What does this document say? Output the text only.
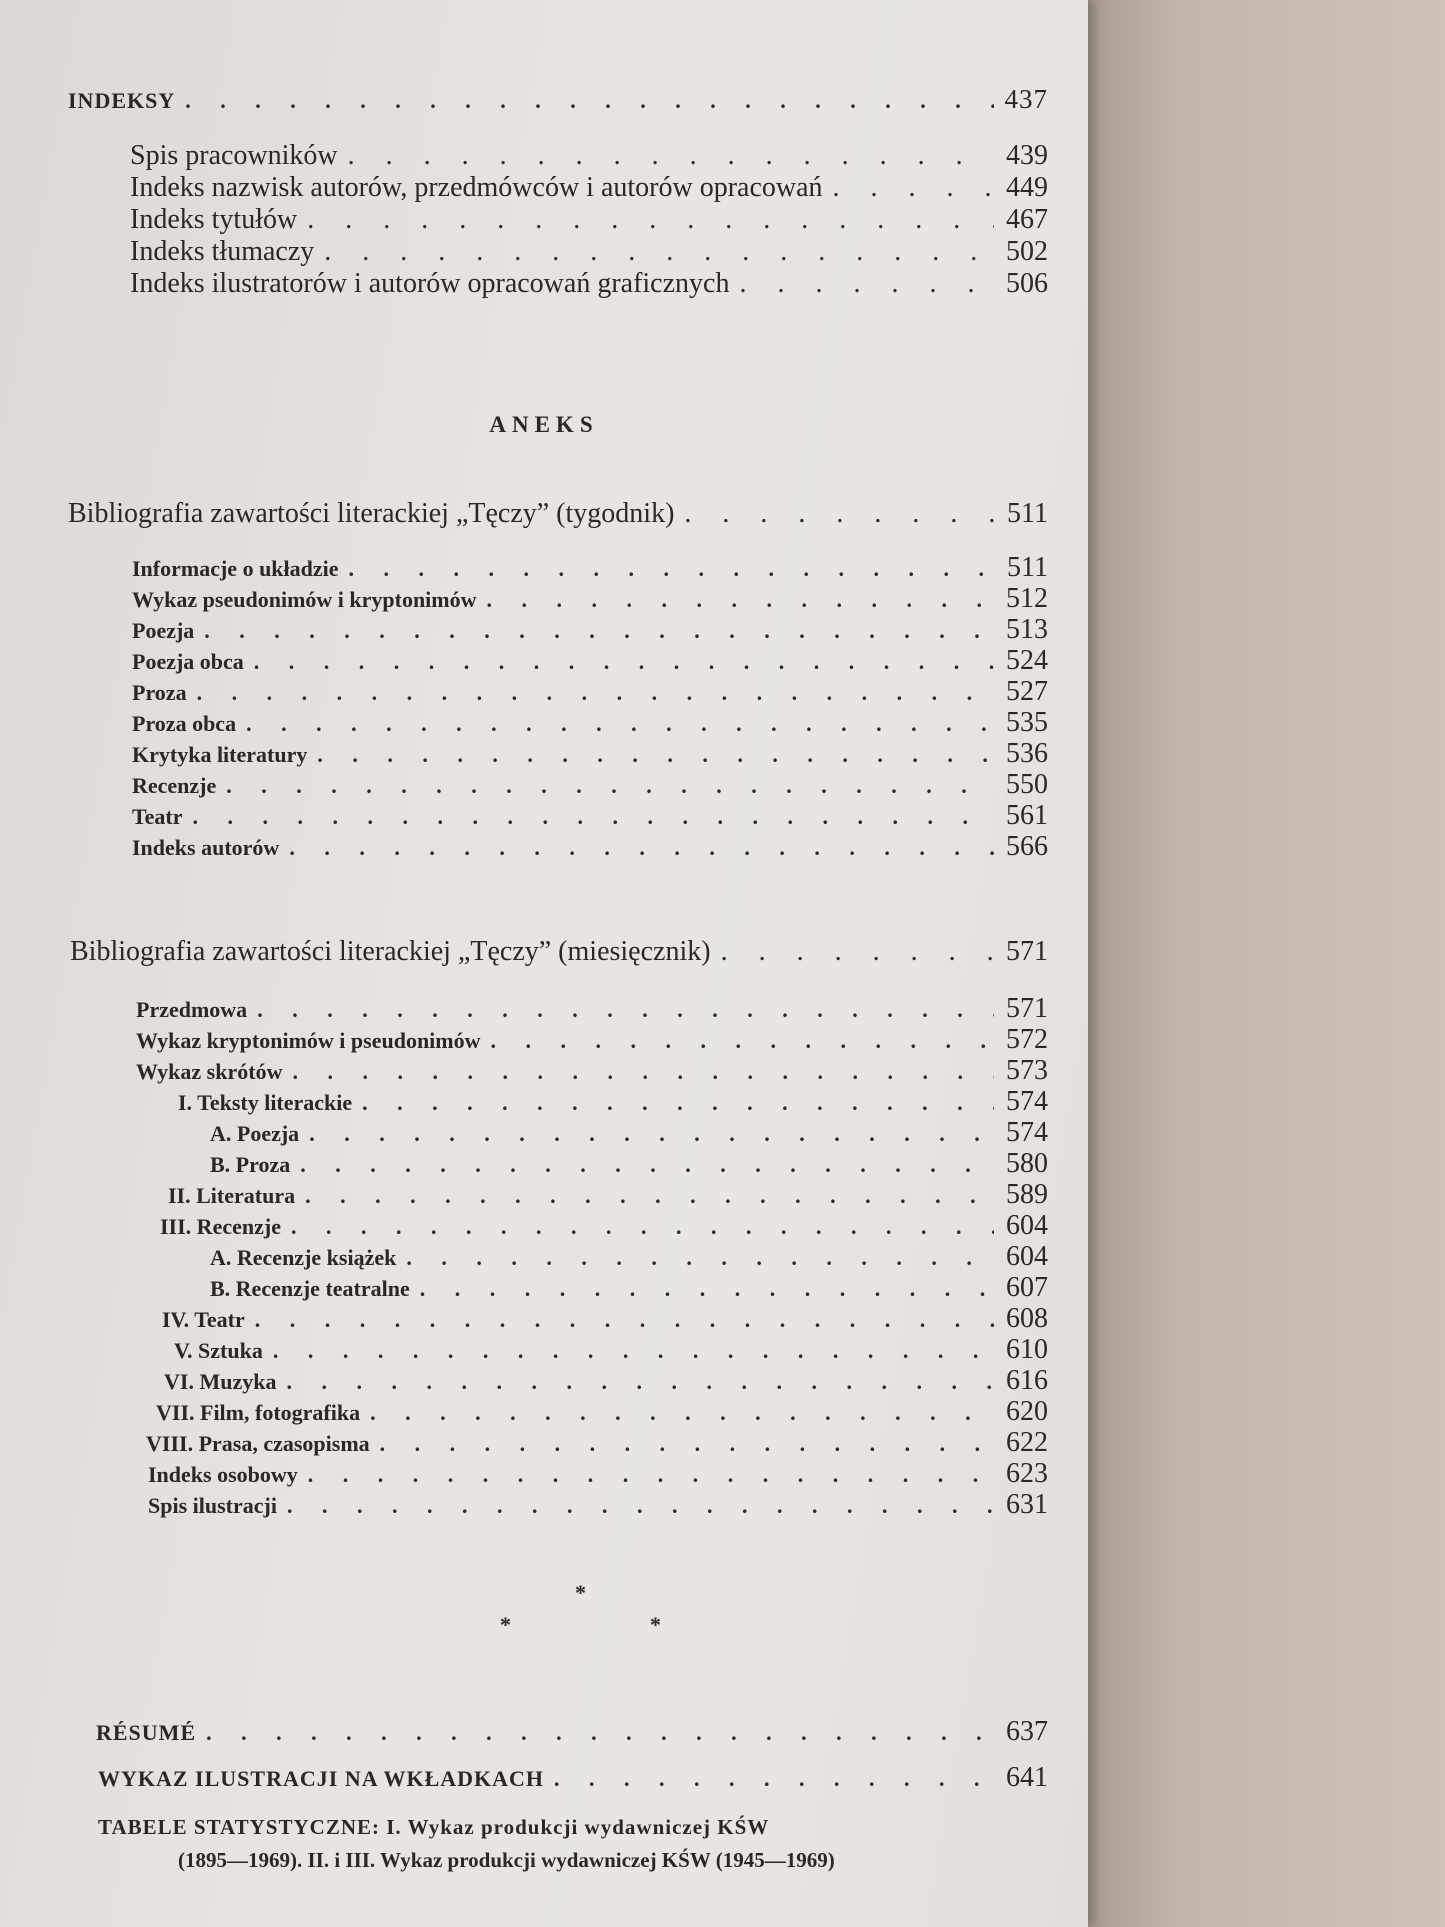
INDEKSY . . .	437
Spis pracowników . . .	439
Indeks nazwisk autorów, przedmówców i autorów opracowań . . .	449
Indeks tytułów . . .	467
Indeks tłumaczy . . .	502
Indeks ilustratorów i autorów opracowań graficznych . . .	506
ANEKS
Bibliografia zawartości literackiej „Tęczy” (tygodnik) . . .	511
Informacje o układzie . . .	511
Wykaz pseudonimów i kryptonimów . . .	512
Poezja . . .	513
Poezja obca . . .	524
Proza . . .	527
Proza obca . . .	535
Krytyka literatury . . .	536
Recenzje . . .	550
Teatr . . .	561
Indeks autorów . . .	566
Bibliografia zawartości literackiej „Tęczy” (miesięcznik) . . .	571
Przedmowa . . .	571
Wykaz kryptonimów i pseudonimów . . .	572
Wykaz skrótów . . .	573
I. Teksty literackie . . .	574
A. Poezja . . .	574
B. Proza . . .	580
II. Literatura . . .	589
III. Recenzje . . .	604
A. Recenzje książek . . .	604
B. Recenzje teatralne . . .	607
IV. Teatr . . .	608
V. Sztuka . . .	610
VI. Muzyka . . .	616
VII. Film, fotografika . . .	620
VIII. Prasa, czasopisma . . .	622
Indeks osobowy . . .	623
Spis ilustracji . . .	631
*
*	*
RÉSUMÉ . . .	637
WYKAZ ILUSTRACJI NA WKŁADKACH . . .	641
TABELE STATYSTYCZNE: I. Wykaz produkcji wydawniczej KŚW
(1895—1969). II. i III. Wykaz produkcji wydawniczej KŚW (1945—1969)
